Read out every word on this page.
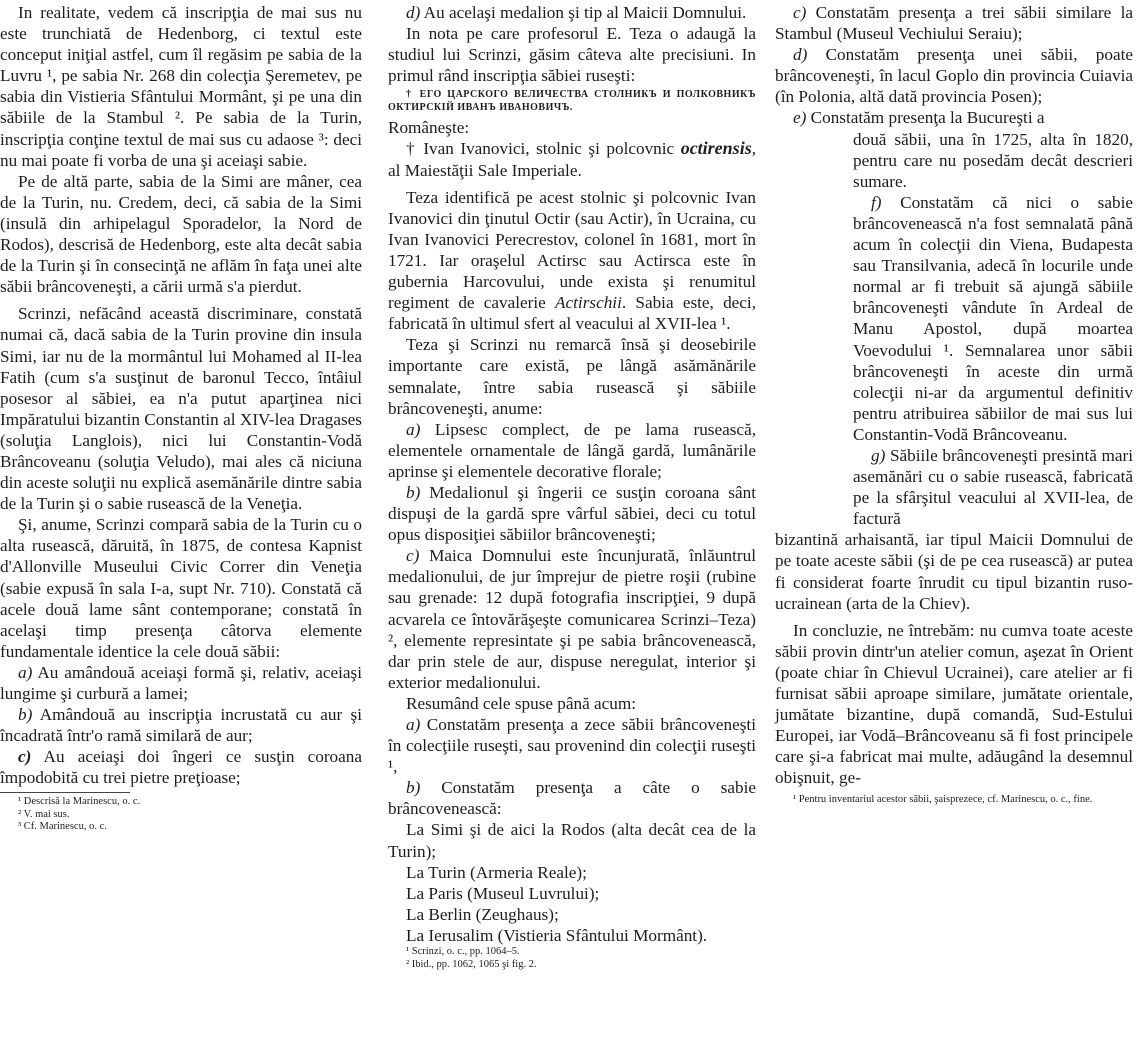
In realitate, vedem că inscripţia de mai sus nu este trunchiată de Hedenborg, ci textul este conceput iniţial astfel, cum îl regăsim pe sabia de la Luvru ¹, pe sabia Nr. 268 din colecţia Şeremetev, pe sabia din Vistieria Sfântului Mormânt, şi pe una din săbiile de la Stambul ². Pe sabia de la Turin, inscripţia conţine textul de mai sus cu adaose ³: deci nu mai poate fi vorba de una şi aceiaşi sabie.

Pe de altă parte, sabia de la Simi are mâner, cea de la Turin, nu. Credem, deci, că sabia de la Simi (insulă din arhipelagul Sporadelor, la Nord de Rodos), descrisă de Hedenborg, este alta decât sabia de la Turin şi în consecinţă ne aflăm în faţa unei alte săbii brâncoveneşti, a cării urmă s'a pierdut.

Scrinzi, nefăcând această discriminare, constată numai că, dacă sabia de la Turin provine din insula Simi, iar nu de la mormântul lui Mohamed al II-lea Fatih (cum s'a susţinut de baronul Tecco, întâiul posesor al săbiei, ea n'a putut aparţinea nici Impăratului bizantin Constantin al XIV-lea Dragases (soluţia Langlois), nici lui Constantin-Vodă Brâncoveanu (soluţia Veludo), mai ales că niciuna din aceste soluţii nu explică asemănările dintre sabia de la Turin şi o sabie rusească de la Veneţia.

Şi, anume, Scrinzi compară sabia de la Turin cu o alta rusească, dăruită, în 1875, de contesa Kapnist d'Allonville Museului Civic Correr din Veneţia (sabie expusă în sala I-a, supt Nr. 710). Constată că acele două lame sânt contemporane; constată în acelaşi timp presenţa câtorva elemente fundamentale identice la cele două săbii:

a) Au amândouă aceiaşi formă şi, relativ, aceiaşi lungime şi curbură a lamei;

b) Amândouă au inscripţia incrustată cu aur şi încadrată într'o ramă similară de aur;

c) Au aceiaşi doi îngeri ce susţin coroana împodobită cu trei pietre preţioase;

¹ Descrisă la Marinescu, o. c.

² V. mai sus.

³ Cf. Marinescu, o. c.

d) Au acelaşi medalion şi tip al Maicii Domnului.

In nota pe care profesorul E. Teza o adaugă la studiul lui Scrinzi, găsim câteva alte precisiuni. In primul rând inscripţia săbiei ruseşti:

† ЕГО ЦАРСКОГО ВЕЛИЧЕСТВА СТОЛНИКЪ И ПОЛКОВНИКЪ ОКТИРСКІЙ ИВАНЪ ИВАНОВИЧЪ.

Româneşte:

† Ivan Ivanovici, stolnic şi polcovnic octirensis, al Maiestăţii Sale Imperiale.

Teza identifică pe acest stolnic şi polcovnic Ivan Ivanovici din ţinutul Octir (sau Actir), în Ucraina, cu Ivan Ivanovici Perecrestov, colonel în 1681, mort în 1721. Iar oraşelul Actirsc sau Actirsca este în gubernia Harcovului, unde exista şi renumitul regiment de cavalerie Actirschii. Sabia este, deci, fabricată în ultimul sfert al veacului al XVII-lea ¹.

Teza şi Scrinzi nu remarcă însă şi deosebirile importante care există, pe lângă asămănările semnalate, între sabia rusească şi săbiile brâncoveneşti, anume:

a) Lipsesc complect, de pe lama rusească, elementele ornamentale de lângă gardă, lumânările aprinse şi elementele decorative florale;

b) Medalionul şi îngerii ce susţin coroana sânt dispuşi de la gardă spre vârful săbiei, deci cu totul opus disposiţiei săbiilor brâncoveneşti;

c) Maica Domnului este încunjurată, înlăuntrul medalionului, de jur împrejur de pietre roşii (rubine sau grenade: 12 după fotografia inscripţiei, 9 după acvarela ce întovărăşeşte comunicarea Scrinzi–Teza) ², elemente represintate şi pe sabia brâncovenească, dar prin stele de aur, dispuse neregulat, interior şi exterior medalionului.

Resumând cele spuse până acum:

a) Constatăm presenţa a zece săbii brâncoveneşti în colecţiile ruseşti, sau provenind din colecţii ruseşti ¹,

b) Constatăm presenţa a câte o sabie brâncovenească:

La Simi şi de aici la Rodos (alta decât cea de la Turin);

La Turin (Armeria Reale);

La Paris (Museul Luvrului);

La Berlin (Zeughaus);

La Ierusalim (Vistieria Sfântului Mormânt).

¹ Scrinzi, o. c., pp. 1064–5.

² Ibid., pp. 1062, 1065 şi fig. 2.

c) Constatăm presenţa a trei săbii similare la Stambul (Museul Vechiului Seraiu);

d) Constatăm presenţa unei săbii, poate brâncoveneşti, în lacul Goplo din provincia Cuiavia (în Polonia, altă dată provincia Posen);

e) Constatăm presenţa la Bucureşti a

două săbii, una în 1725, alta în 1820, pentru care nu posedăm decât descrieri sumare.

f) Constatăm că nici o sabie brâncovenească n'a fost semnalată până acum în colecţii din Viena, Budapesta sau Transilvania, adecă în locurile unde normal ar fi trebuit să ajungă săbiile brâncoveneşti vândute în Ardeal de Manu Apostol, după moartea Voevodului ¹. Semnalarea unor săbii brâncoveneşti în aceste din urmă colecţii ni-ar da argumentul definitiv pentru atribuirea săbiilor de mai sus lui Constantin-Vodă Brâncoveanu.

g) Săbiile brâncoveneşti presintă mari asemănări cu o sabie rusească, fabricată pe la sfârşitul veacului al XVII-lea, de factură

bizantină arhaisantă, iar tipul Maicii Domnului de pe toate aceste săbii (şi de pe cea rusească) ar putea fi considerat foarte înrudit cu tipul bizantin ruso-ucrainean (arta de la Chiev).

In concluzie, ne întrebăm: nu cumva toate aceste săbii provin dintr'un atelier comun, aşezat în Orient (poate chiar în Chievul Ucrainei), care atelier ar fi furnisat săbii aproape similare, jumătate orientale, jumătate bizantine, după comandă, Sud-Estului Europei, iar Vodă–Brâncoveanu să fi fost principele care şi-a fabricat mai multe, adăugând la desemnul obişnuit, ge-

¹ Pentru inventariul acestor săbii, şaisprezece, cf. Marinescu, o. c., fine.
